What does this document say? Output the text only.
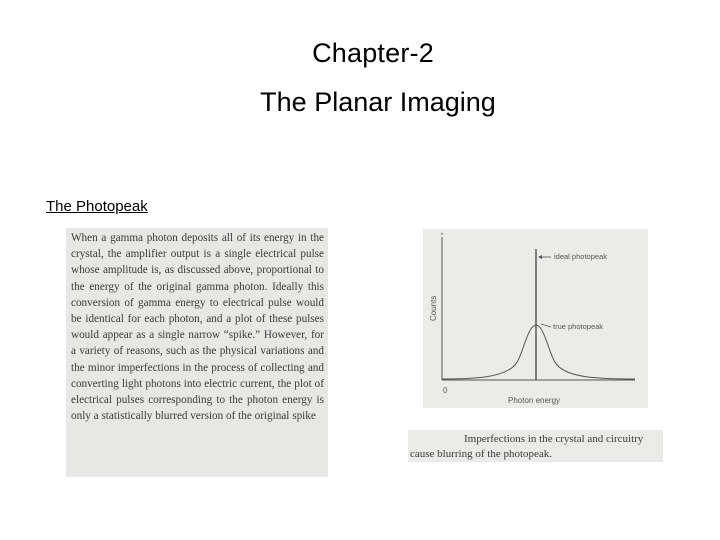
Chapter-2
The Planar Imaging
The Photopeak
When a gamma photon deposits all of its energy in the crystal, the amplifier output is a single electrical pulse whose amplitude is, as discussed above, proportional to the energy of the original gamma photon. Ideally this conversion of gamma energy to electrical pulse would be identical for each photon, and a plot of these pulses would appear as a single narrow “spike.” However, for a variety of reasons, such as the physical variations and the minor imperfections in the process of collecting and converting light photons into electric current, the plot of electrical pulses corresponding to the photon energy is only a statistically blurred version of the original spike
^
ideal photopeak
true photopeak
Counts
0
Photon energy
Imperfections in the crystal and circuitry
cause blurring of the photopeak.
